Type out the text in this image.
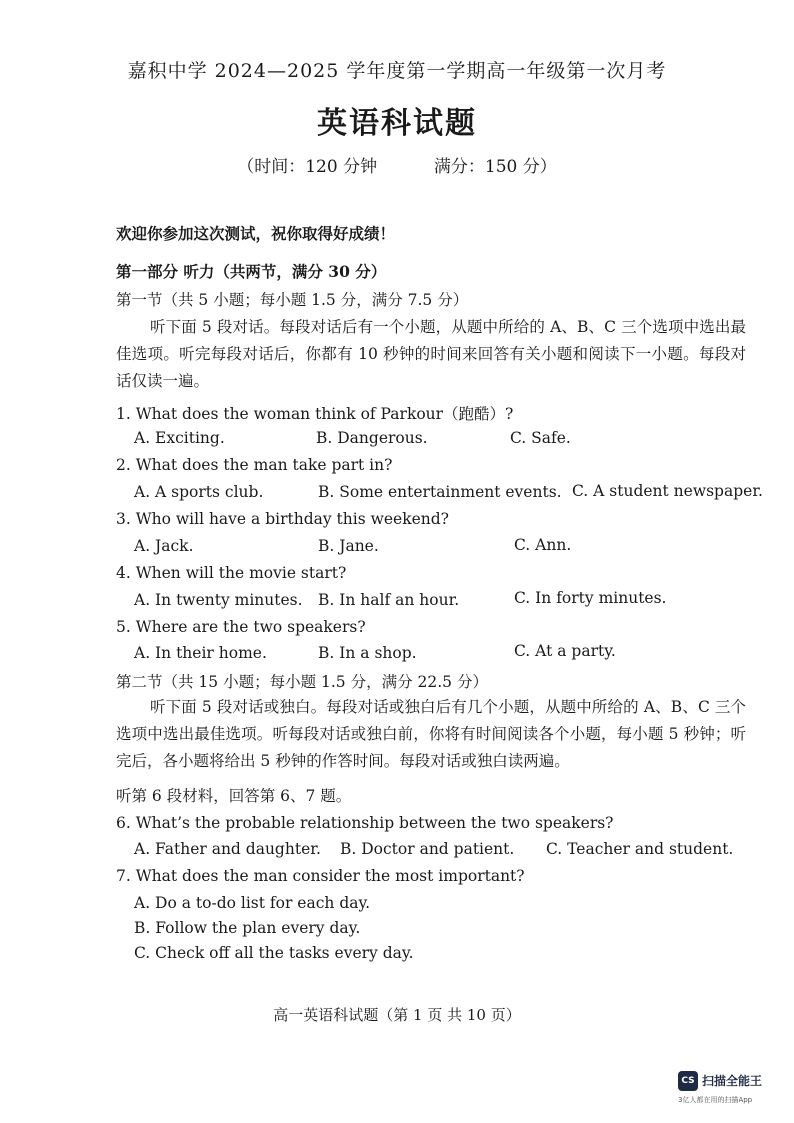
嘉积中学 2024—2025 学年度第一学期高一年级第一次月考
英语科试题
（时间：120 分钟	满分：150 分）
欢迎你参加这次测试，祝你取得好成绩！
第一部分 听力（共两节，满分 30 分）
第一节（共 5 小题；每小题 1.5 分，满分 7.5 分）
听下面 5 段对话。每段对话后有一个小题，从题中所给的 A、B、C 三个选项中选出最佳选项。听完每段对话后，你都有 10 秒钟的时间来回答有关小题和阅读下一小题。每段对话仅读一遍。
1. What does the woman think of Parkour（跑酷）?
A. Exciting.	B. Dangerous.	C. Safe.
2. What does the man take part in?
A. A sports club.	B. Some entertainment events. C. A student newspaper.
3. Who will have a birthday this weekend?
A. Jack.	B. Jane.	C. Ann.
4. When will the movie start?
A. In twenty minutes. B. In half an hour.	C. In forty minutes.
5. Where are the two speakers?
A. In their home.	B. In a shop.	C. At a party.
第二节（共 15 小题；每小题 1.5 分，满分 22.5 分）
听下面 5 段对话或独白。每段对话或独白后有几个小题，从题中所给的 A、B、C 三个选项中选出最佳选项。听每段对话或独白前，你将有时间阅读各个小题，每小题 5 秒钟；听完后，各小题将给出 5 秒钟的作答时间。每段对话或独白读两遍。
听第 6 段材料，回答第 6、7 题。
6. What’s the probable relationship between the two speakers?
A. Father and daughter. B. Doctor and patient. C. Teacher and student.
7. What does the man consider the most important?
A. Do a to-do list for each day.
B. Follow the plan every day.
C. Check off all the tasks every day.
高一英语科试题（第 1 页 共 10 页）
CS 扫描全能王
3亿人都在用的扫描App
